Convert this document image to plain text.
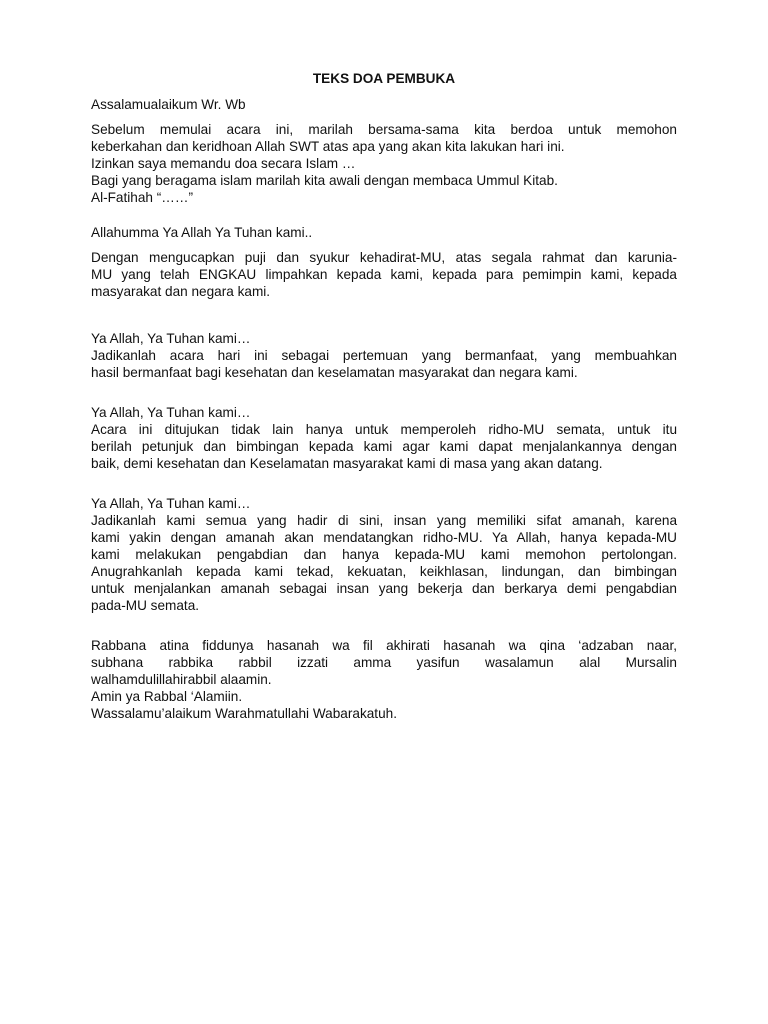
TEKS DOA PEMBUKA

Assalamualaikum Wr. Wb

Sebelum memulai acara ini, marilah bersama-sama kita berdoa untuk memohon
keberkahan dan keridhoan Allah SWT atas apa yang akan kita lakukan hari ini.
Izinkan saya memandu doa secara Islam …
Bagi yang beragama islam marilah kita awali dengan membaca Ummul Kitab.
Al-Fatihah “……”

Allahumma Ya Allah Ya Tuhan kami..

Dengan mengucapkan puji dan syukur kehadirat-MU, atas segala rahmat dan karunia-
MU yang telah ENGKAU limpahkan kepada kami, kepada para pemimpin kami, kepada
masyarakat dan negara kami.
Ya Allah, Ya Tuhan kami…
Jadikanlah acara hari ini sebagai pertemuan yang bermanfaat, yang membuahkan
hasil bermanfaat bagi kesehatan dan keselamatan masyarakat dan negara kami.
Ya Allah, Ya Tuhan kami…
Acara ini ditujukan tidak lain hanya untuk memperoleh ridho-MU semata, untuk itu
berilah petunjuk dan bimbingan kepada kami agar kami dapat menjalankannya dengan
baik, demi kesehatan dan Keselamatan masyarakat kami di masa yang akan datang.
Ya Allah, Ya Tuhan kami…
Jadikanlah kami semua yang hadir di sini, insan yang memiliki sifat amanah, karena
kami yakin dengan amanah akan mendatangkan ridho-MU. Ya Allah, hanya kepada-MU
kami melakukan pengabdian dan hanya kepada-MU kami memohon pertolongan.
Anugrahkanlah kepada kami tekad, kekuatan, keikhlasan, lindungan, dan bimbingan
untuk menjalankan amanah sebagai insan yang bekerja dan berkarya demi pengabdian
pada-MU semata.
Rabbana atina fiddunya hasanah wa fil akhirati hasanah wa qina ‘adzaban naar,
subhana rabbika rabbil izzati amma yasifun wasalamun alal Mursalin
walhamdulillahirabbil alaamin.
Amin ya Rabbal ‘Alamiin.
Wassalamu’alaikum Warahmatullahi Wabarakatuh.
